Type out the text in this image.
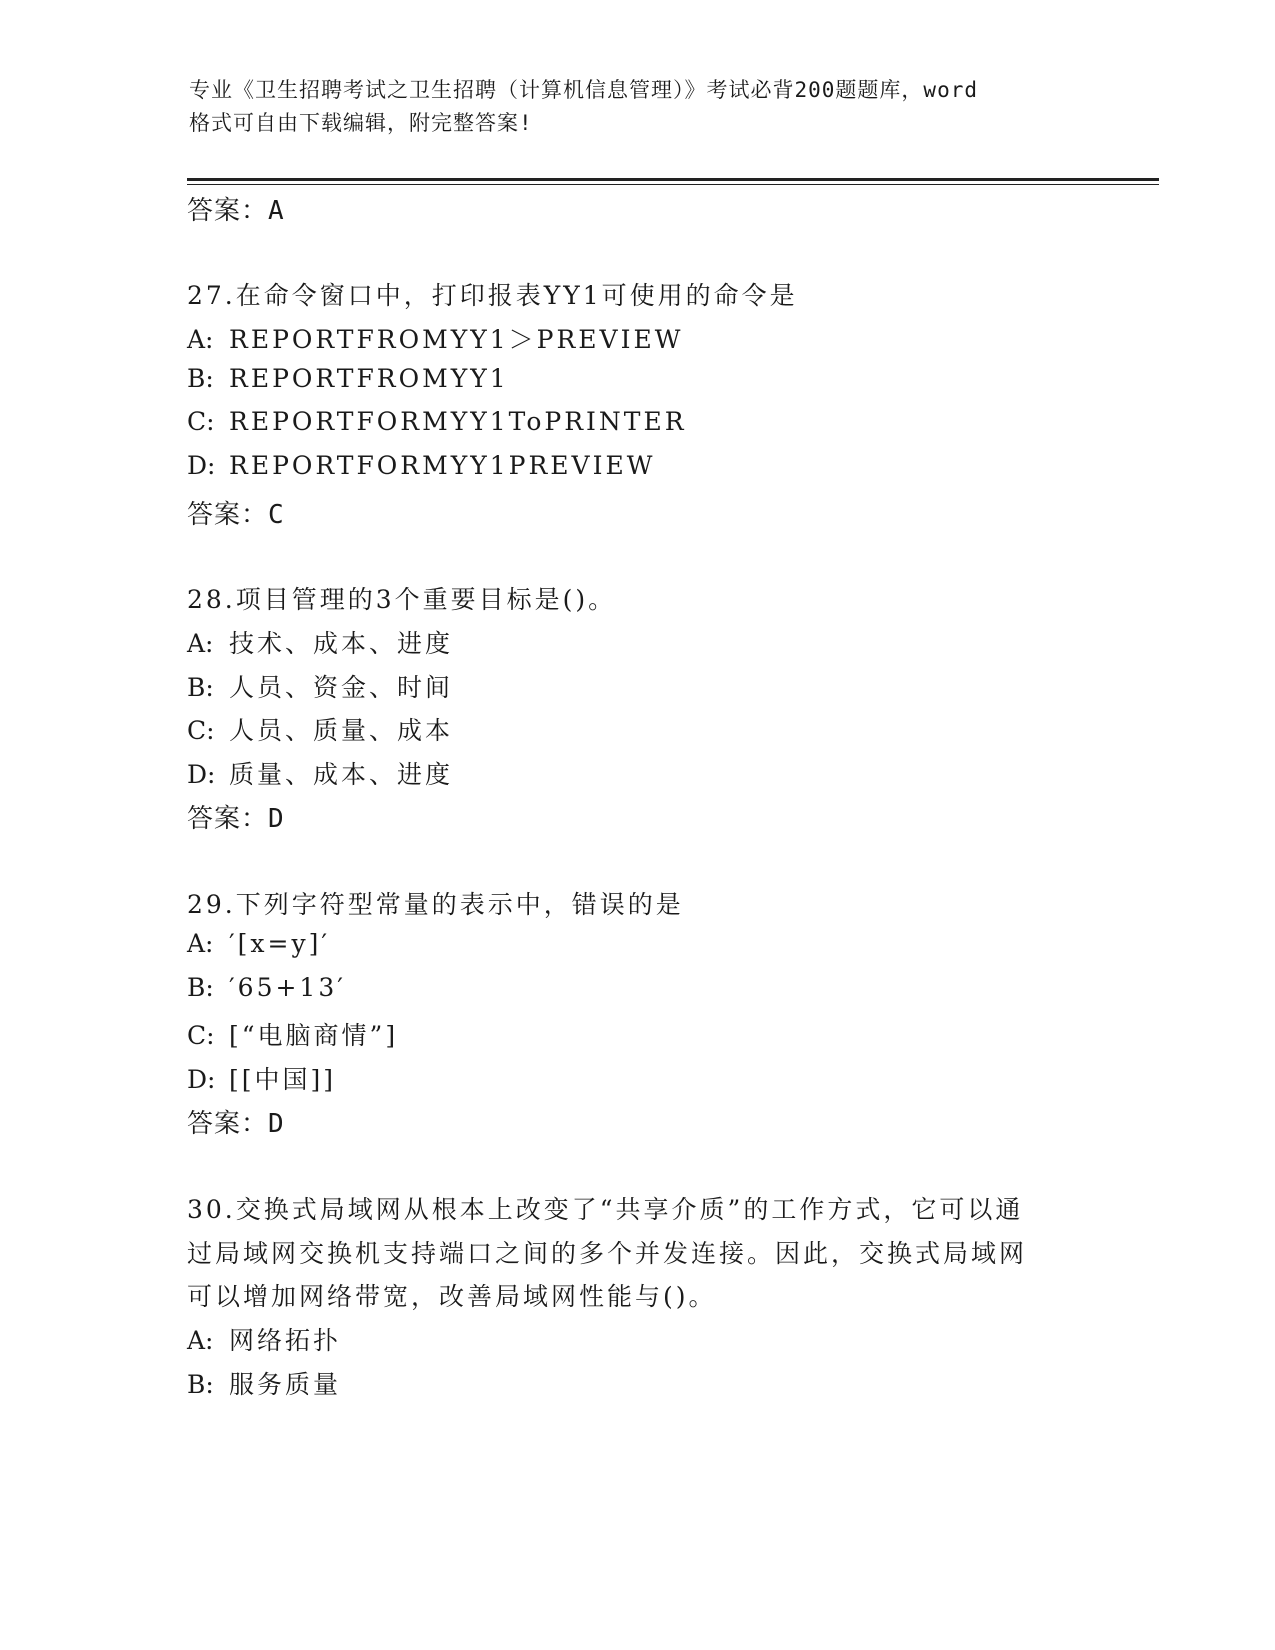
专业《卫生招聘考试之卫生招聘（计算机信息管理）》考试必背200题题库，word
格式可自由下载编辑，附完整答案!
答案：A
27.在命令窗口中，打印报表YY1可使用的命令是
A: REPORTFROMYY1＞PREVIEW
B: REPORTFROMYY1
C: REPORTFORMYY1ToPRINTER
D: REPORTFORMYY1PREVIEW
答案：C
28.项目管理的3个重要目标是()。
A: 技术、成本、进度
B: 人员、资金、时间
C: 人员、质量、成本
D: 质量、成本、进度
答案：D
29.下列字符型常量的表示中，错误的是
A: ′[x=y]′
B: ′65+13′
C: [“电脑商情”]
D: [[中国]]
答案：D
30.交换式局域网从根本上改变了“共享介质”的工作方式，它可以通
过局域网交换机支持端口之间的多个并发连接。因此，交换式局域网
可以增加网络带宽，改善局域网性能与()。
A: 网络拓扑
B: 服务质量
